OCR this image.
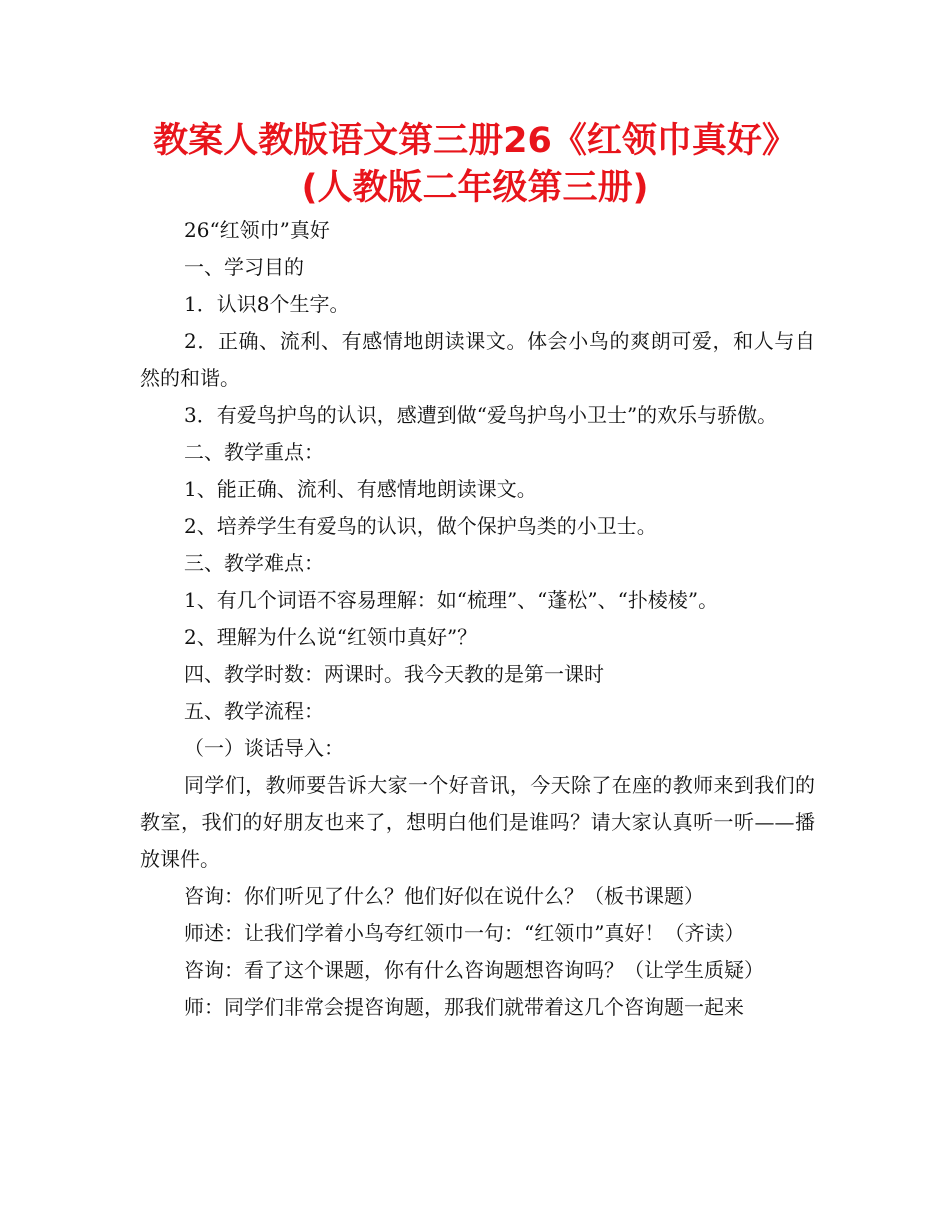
教案人教版语文第三册26《红领巾真好》
(人教版二年级第三册)

26“红领巾”真好

一、学习目的

1．认识8个生字。

2．正确、流利、有感情地朗读课文。体会小鸟的爽朗可爱，和人与自然的和谐。

3．有爱鸟护鸟的认识，感遭到做“爱鸟护鸟小卫士”的欢乐与骄傲。

二、教学重点：

1、能正确、流利、有感情地朗读课文。

2、培养学生有爱鸟的认识，做个保护鸟类的小卫士。

三、教学难点：

1、有几个词语不容易理解：如“梳理”、“蓬松”、“扑棱棱”。

2、理解为什么说“红领巾真好”？

四、教学时数：两课时。我今天教的是第一课时

五、教学流程：

（一）谈话导入：

同学们，教师要告诉大家一个好音讯，今天除了在座的教师来到我们的教室，我们的好朋友也来了，想明白他们是谁吗？请大家认真听一听——播放课件。

咨询：你们听见了什么？他们好似在说什么？（板书课题）

师述：让我们学着小鸟夸红领巾一句：“红领巾”真好！（齐读）

咨询：看了这个课题，你有什么咨询题想咨询吗？（让学生质疑）

师：同学们非常会提咨询题，那我们就带着这几个咨询题一起来
